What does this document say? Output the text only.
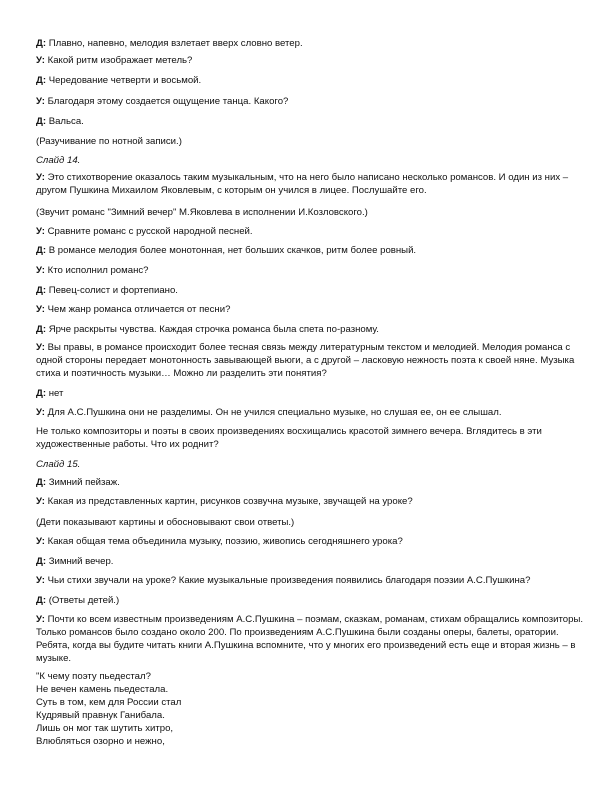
Д: Плавно, напевно, мелодия взлетает вверх словно ветер.

У: Какой ритм изображает метель?

Д: Чередование четверти и восьмой.

У: Благодаря этому создается ощущение танца. Какого?

Д: Вальса.

(Разучивание по нотной записи.)

Слайд 14.

У: Это стихотворение оказалось таким музыкальным, что на него было написано несколько романсов. И один из них – другом Пушкина Михаилом Яковлевым, с которым он учился в лицее. Послушайте его.

(Звучит романс "Зимний вечер" М.Яковлева в исполнении И.Козловского.)

У: Сравните романс с русской народной песней.

Д: В романсе мелодия более монотонная, нет больших скачков, ритм более ровный.

У: Кто исполнил романс?

Д: Певец-солист и фортепиано.

У: Чем жанр романса отличается от песни?

Д: Ярче раскрыты чувства. Каждая строчка романса была спета по-разному.

У: Вы правы, в романсе происходит более тесная связь между литературным текстом и мелодией. Мелодия романса с одной стороны передает монотонность завывающей вьюги, а с другой – ласковую нежность поэта к своей няне. Музыка стиха и поэтичность музыки… Можно ли разделить эти понятия?

Д: нет

У: Для А.С.Пушкина они не разделимы. Он не учился специально музыке, но слушая ее, он ее слышал.

Не только композиторы и поэты в своих произведениях восхищались красотой зимнего вечера. Вглядитесь в эти художественные работы. Что их роднит?

Слайд 15.

Д: Зимний пейзаж.

У: Какая из представленных картин, рисунков созвучна музыке, звучащей на уроке?

(Дети показывают картины и обосновывают свои ответы.)

У: Какая общая тема объединила музыку, поэзию, живопись сегодняшнего урока?

Д: Зимний вечер.

У: Чьи стихи звучали на уроке? Какие музыкальные произведения появились благодаря поэзии А.С.Пушкина?

Д: (Ответы детей.)

У: Почти ко всем известным произведениям А.С.Пушкина – поэмам, сказкам, романам, стихам обращались композиторы. Только романсов было создано около 200. По произведениям А.С.Пушкина были созданы оперы, балеты, оратории. Ребята, когда вы будите читать книги А.Пушкина вспомните, что у многих его произведений есть еще и вторая жизнь – в музыке.

"К чему поэту пьедестал?
Не вечен камень пьедестала.
Суть в том, кем для России стал
Кудрявый правнук Ганибала.
Лишь он мог так шутить хитро,
Влюбляться озорно и нежно,
